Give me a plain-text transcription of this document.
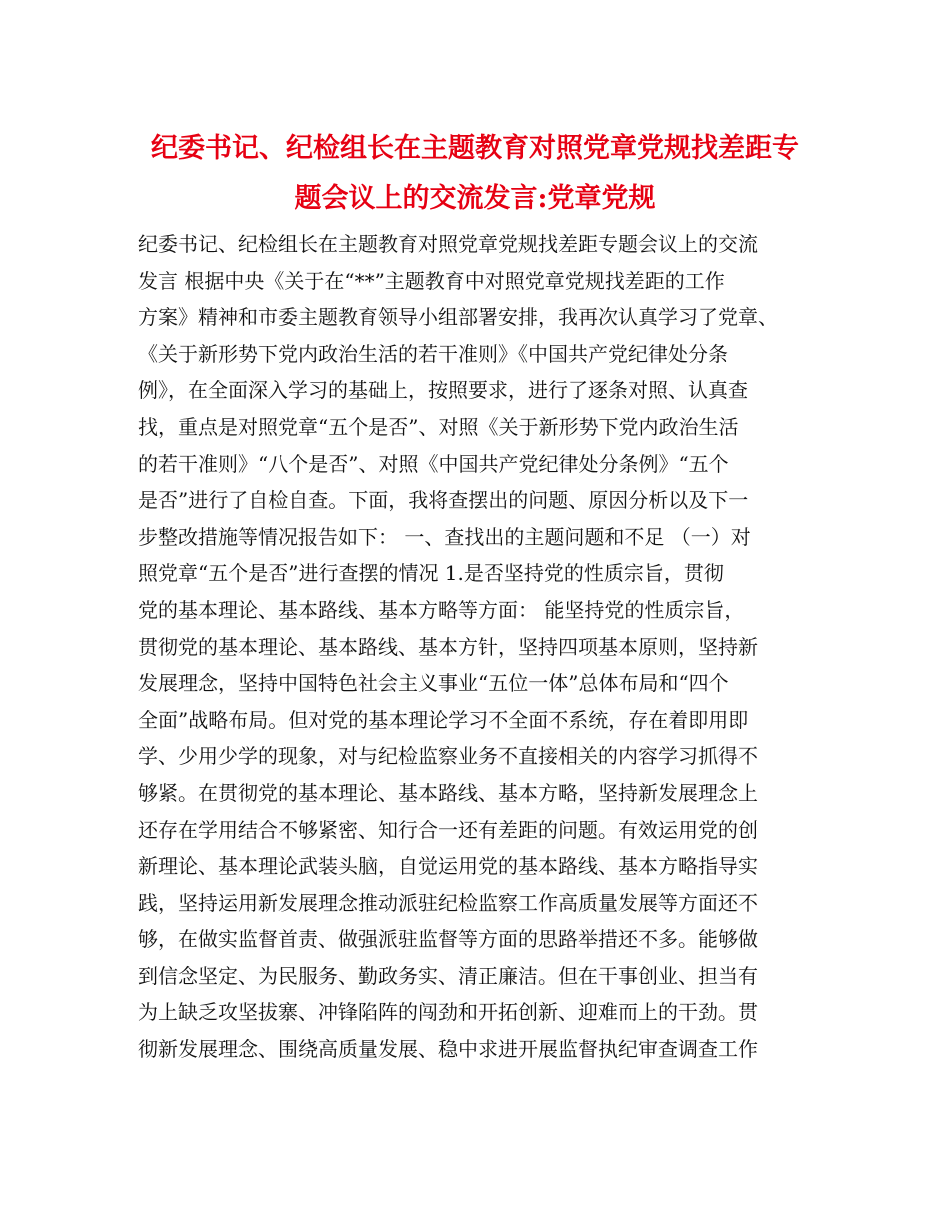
纪委书记、纪检组长在主题教育对照党章党规找差距专
题会议上的交流发言:党章党规
纪委书记、纪检组长在主题教育对照党章党规找差距专题会议上的交流
发言 根据中央《关于在“**”主题教育中对照党章党规找差距的工作
方案》精神和市委主题教育领导小组部署安排，我再次认真学习了党章、
《关于新形势下党内政治生活的若干准则》《中国共产党纪律处分条
例》，在全面深入学习的基础上，按照要求，进行了逐条对照、认真查
找，重点是对照党章“五个是否”、对照《关于新形势下党内政治生活
的若干准则》“八个是否”、对照《中国共产党纪律处分条例》“五个
是否”进行了自检自查。下面，我将查摆出的问题、原因分析以及下一
步整改措施等情况报告如下： 一、查找出的主题问题和不足 （一）对
照党章“五个是否”进行查摆的情况 1.是否坚持党的性质宗旨，贯彻
党的基本理论、基本路线、基本方略等方面： 能坚持党的性质宗旨，
贯彻党的基本理论、基本路线、基本方针，坚持四项基本原则，坚持新
发展理念，坚持中国特色社会主义事业“五位一体”总体布局和“四个
全面”战略布局。但对党的基本理论学习不全面不系统，存在着即用即
学、少用少学的现象，对与纪检监察业务不直接相关的内容学习抓得不
够紧。在贯彻党的基本理论、基本路线、基本方略，坚持新发展理念上
还存在学用结合不够紧密、知行合一还有差距的问题。有效运用党的创
新理论、基本理论武装头脑，自觉运用党的基本路线、基本方略指导实
践，坚持运用新发展理念推动派驻纪检监察工作高质量发展等方面还不
够，在做实监督首责、做强派驻监督等方面的思路举措还不多。能够做
到信念坚定、为民服务、勤政务实、清正廉洁。但在干事创业、担当有
为上缺乏攻坚拔寨、冲锋陷阵的闯劲和开拓创新、迎难而上的干劲。贯
彻新发展理念、围绕高质量发展、稳中求进开展监督执纪审查调查工作
